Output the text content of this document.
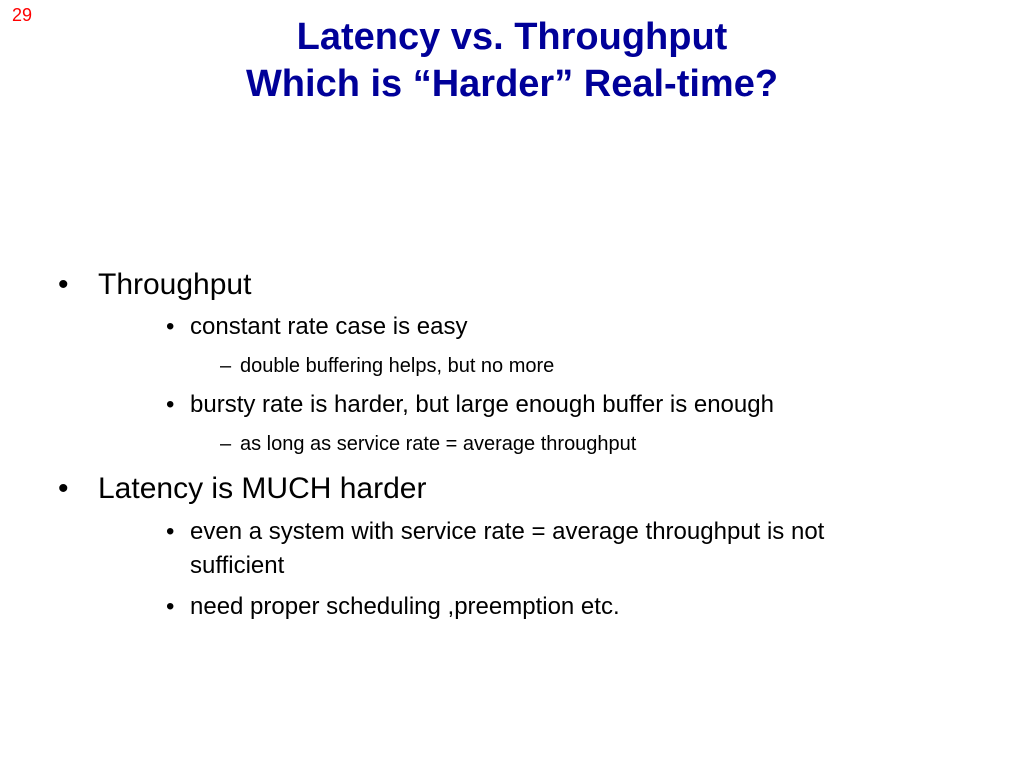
29
Latency vs. Throughput
Which is “Harder” Real-time?
• Throughput
• constant rate case is easy
– double buffering helps, but no more
• bursty rate is harder, but large enough buffer is enough
– as long as service rate = average throughput
• Latency is MUCH harder
• even a system with service rate = average throughput is not
sufficient
• need proper scheduling ,preemption etc.
